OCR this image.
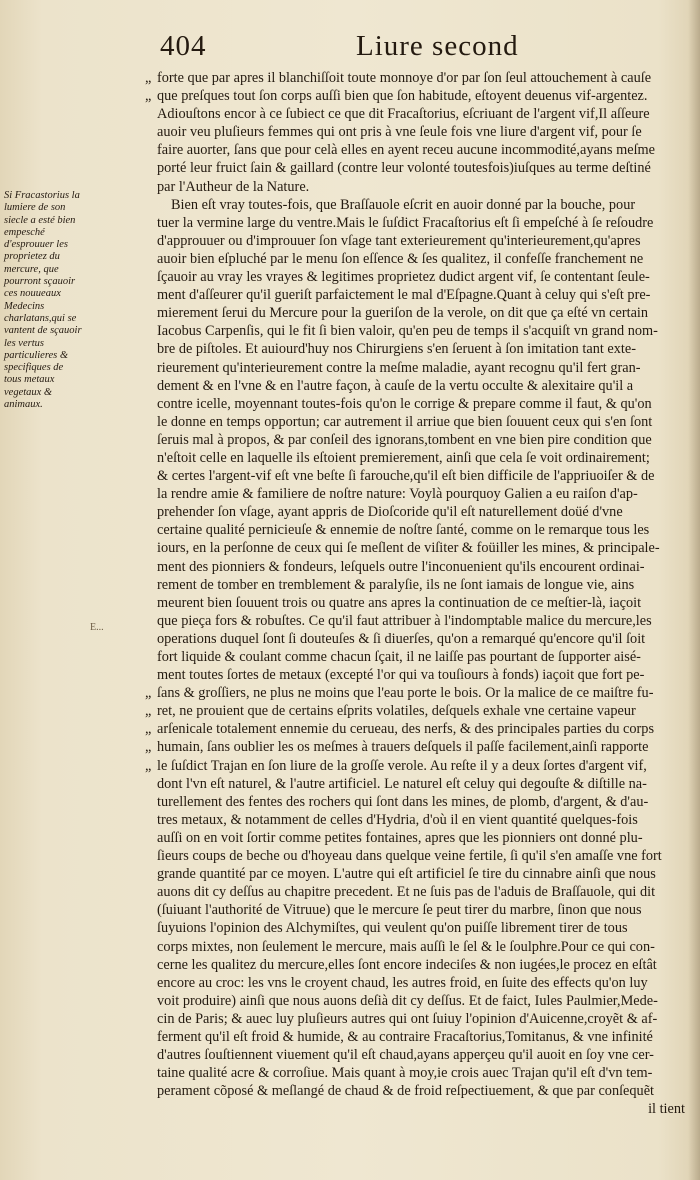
404	Liure second
Si Fracastorius la lumiere de son siecle a esté bien empesché d'esprouuer les proprietez du mercure, que pourront sçauoir ces nouueaux Medecins charlatans,qui se vantent de sçauoir les vertus particulieres & specifiques de tous metaux vegetaux & animaux.
E...
„ forte que par apres il blanchiſſoit toute monnoye d'or par ſon ſeul attouchement à cauſe
„ que preſques tout ſon corps auſſi bien que ſon habitude, eſtoyent deuenus vif-argentez.
Adiouſtons encor à ce ſubiect ce que dit Fracaſtorius, eſcriuant de l'argent vif,Il aſſeure
auoir veu pluſieurs femmes qui ont pris à vne ſeule fois vne liure d'argent vif, pour ſe
faire auorter, ſans que pour celà elles en ayent receu aucune incommodité,ayans meſme
porté leur fruict ſain & gaillard (contre leur volonté toutesfois)iuſques au terme deſtiné
par l'Autheur de la Nature.
Bien eſt vray toutes-fois, que Braſſauole eſcrit en auoir donné par la bouche, pour
tuer la vermine large du ventre.Mais le ſuſdict Fracaſtorius eſt ſi empeſché à ſe reſoudre
d'approuuer ou d'improuuer ſon vſage tant exterieurement qu'interieurement,qu'apres
auoir bien eſpluché par le menu ſon eſſence & ſes qualitez, il confeſſe franchement ne
ſçauoir au vray les vrayes & legitimes proprietez dudict argent vif, ſe contentant ſeule-
ment d'aſſeurer qu'il gueriſt parfaictement le mal d'Eſpagne.Quant à celuy qui s'eſt pre-
mierement ſerui du Mercure pour la gueriſon de la verole, on dit que ça eſté vn certain
Iacobus Carpenſis, qui le fit ſi bien valoir, qu'en peu de temps il s'acquiſt vn grand nom-
bre de piſtoles. Et auiourd'huy nos Chirurgiens s'en ſeruent à ſon imitation tant exte-
rieurement qu'interieurement contre la meſme maladie, ayant recognu qu'il fert gran-
dement & en l'vne & en l'autre façon, à cauſe de la vertu occulte & alexitaire qu'il a
contre icelle, moyennant toutes-fois qu'on le corrige & prepare comme il faut, & qu'on
le donne en temps opportun; car autrement il arriue que bien ſouuent ceux qui s'en ſont
ſeruis mal à propos, & par conſeil des ignorans,tombent en vne bien pire condition que
n'eſtoit celle en laquelle ils eſtoient premierement, ainſi que cela ſe voit ordinairement;
& certes l'argent-vif eſt vne beſte ſi farouche,qu'il eſt bien difficile de l'appriuoiſer & de
la rendre amie & familiere de noſtre nature: Voylà pourquoy Galien a eu raiſon d'ap-
prehender ſon vſage, ayant appris de Dioſcoride qu'il eſt naturellement doüé d'vne
certaine qualité pernicieuſe & ennemie de noſtre ſanté, comme on le remarque tous les
iours, en la perſonne de ceux qui ſe meſlent de viſiter & foüiller les mines, & principale-
ment des pionniers & fondeurs, leſquels outre l'inconuenient qu'ils encourent ordinai-
rement de tomber en tremblement & paralyſie, ils ne ſont iamais de longue vie, ains
meurent bien ſouuent trois ou quatre ans apres la continuation de ce meſtier-là, iaçoit
que pieça fors & robuſtes. Ce qu'il faut attribuer à l'indomptable malice du mercure,les
operations duquel ſont ſi douteuſes & ſi diuerſes, qu'on a remarqué qu'encore qu'il ſoit
fort liquide & coulant comme chacun ſçait, il ne laiſſe pas pourtant de ſupporter aisé-
ment toutes ſortes de metaux (excepté l'or qui va touſiours à fonds) iaçoit que fort pe-
„ ſans & groſſiers, ne plus ne moins que l'eau porte le bois. Or la malice de ce maiſtre fu-
„ ret, ne prouient que de certains eſprits volatiles, deſquels exhale vne certaine vapeur
„ arſenicale totalement ennemie du cerueau, des nerfs, & des principales parties du corps
„ humain, ſans oublier les os meſmes à trauers deſquels il paſſe facilement,ainſi rapporte
„ le ſuſdict Trajan en ſon liure de la groſſe verole. Au reſte il y a deux ſortes d'argent vif,
dont l'vn eſt naturel, & l'autre artificiel. Le naturel eſt celuy qui degouſte & diſtille na-
turellement des fentes des rochers qui ſont dans les mines, de plomb, d'argent, & d'au-
tres metaux, & notamment de celles d'Hydria, d'où il en vient quantité quelques-fois
auſſi on en voit ſortir comme petites fontaines, apres que les pionniers ont donné plu-
ſieurs coups de beche ou d'hoyeau dans quelque veine fertile, ſi qu'il s'en amaſſe vne fort
grande quantité par ce moyen. L'autre qui eſt artificiel ſe tire du cinnabre ainſi que nous
auons dit cy deſſus au chapitre precedent. Et ne ſuis pas de l'aduis de Braſſauole, qui dit
(ſuiuant l'authorité de Vitruue) que le mercure ſe peut tirer du marbre, ſinon que nous
ſuyuions l'opinion des Alchymiſtes, qui veulent qu'on puiſſe librement tirer de tous
corps mixtes, non ſeulement le mercure, mais auſſi le ſel & le ſoulphre.Pour ce qui con-
cerne les qualitez du mercure,elles ſont encore indeciſes & non iugées,le procez en eſtât
encore au croc: les vns le croyent chaud, les autres froid, en ſuite des effects qu'on luy
voit produire) ainſi que nous auons deſià dit cy deſſus. Et de faict, Iules Paulmier,Mede-
cin de Paris; & auec luy pluſieurs autres qui ont ſuiuy l'opinion d'Auicenne,croyẽt & af-
ferment qu'il eſt froid & humide, & au contraire Fracaſtorius,Tomitanus, & vne infinité
d'autres ſouſtiennent viuement qu'il eſt chaud,ayans apperçeu qu'il auoit en ſoy vne cer-
taine qualité acre & corroſiue. Mais quant à moy,ie crois auec Trajan qu'il eſt d'vn tem-
perament cõposé & meſlangé de chaud & de froid reſpectiuement, & que par conſequẽt
il tient
